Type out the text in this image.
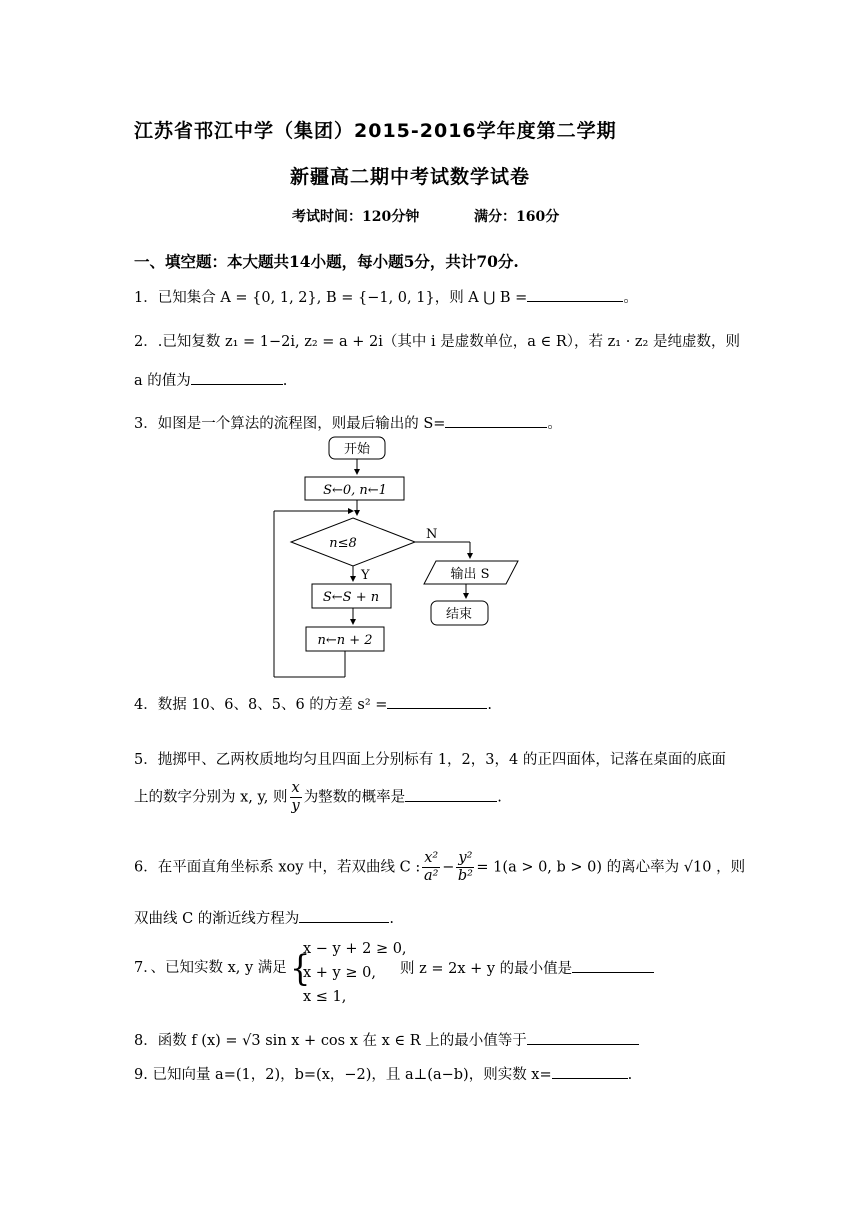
江苏省邗江中学（集团）2015-2016学年度第二学期
新疆高二期中考试数学试卷
考试时间：120分钟	满分：160分
一、填空题：本大题共14小题，每小题5分，共计70分.
1．已知集合 A = {0, 1, 2}, B = {−1, 0, 1}，则 A ⋃ B =	。
2．.已知复数 z₁ = 1−2i, z₂ = a + 2i（其中 i 是虚数单位，a ∈ R），若 z₁ · z₂ 是纯虚数，则
a 的值为	.
3．如图是一个算法的流程图，则最后输出的 S=	。
开始
S←0, n←1
n≤8
N
Y	输出 S
结束
S←S + n
n←n + 2
4．数据 10、6、8、5、6 的方差 s² =	.
5．抛掷甲、乙两枚质地均匀且四面上分别标有 1，2，3，4 的正四面体，记落在桌面的底面
上的数字分别为 x, y, 则 $\frac{x}{y}$ 为整数的概率是	.
6．在平面直角坐标系 xoy 中，若双曲线 C : $\frac{\text{x²}}{\text{a²}} - \frac{\text{y²}}{\text{b²}} = 1(a > 0$, b > 0) 的离心率为 √10 ，则
双曲线 C 的渐近线方程为	.
7．、已知实数 x, y 满足 {
x − y + 2 ≥ 0,
x + y ≥ 0,
x ≤ 1,
则 z = 2x + y 的最小值是
8．函数 f (x) = √3 sin x + cos x 在 x ∈ R 上的最小值等于
9. 已知向量 a=(1，2)，b=(x，−2)，且 a⊥(a−b)，则实数 x=	.
